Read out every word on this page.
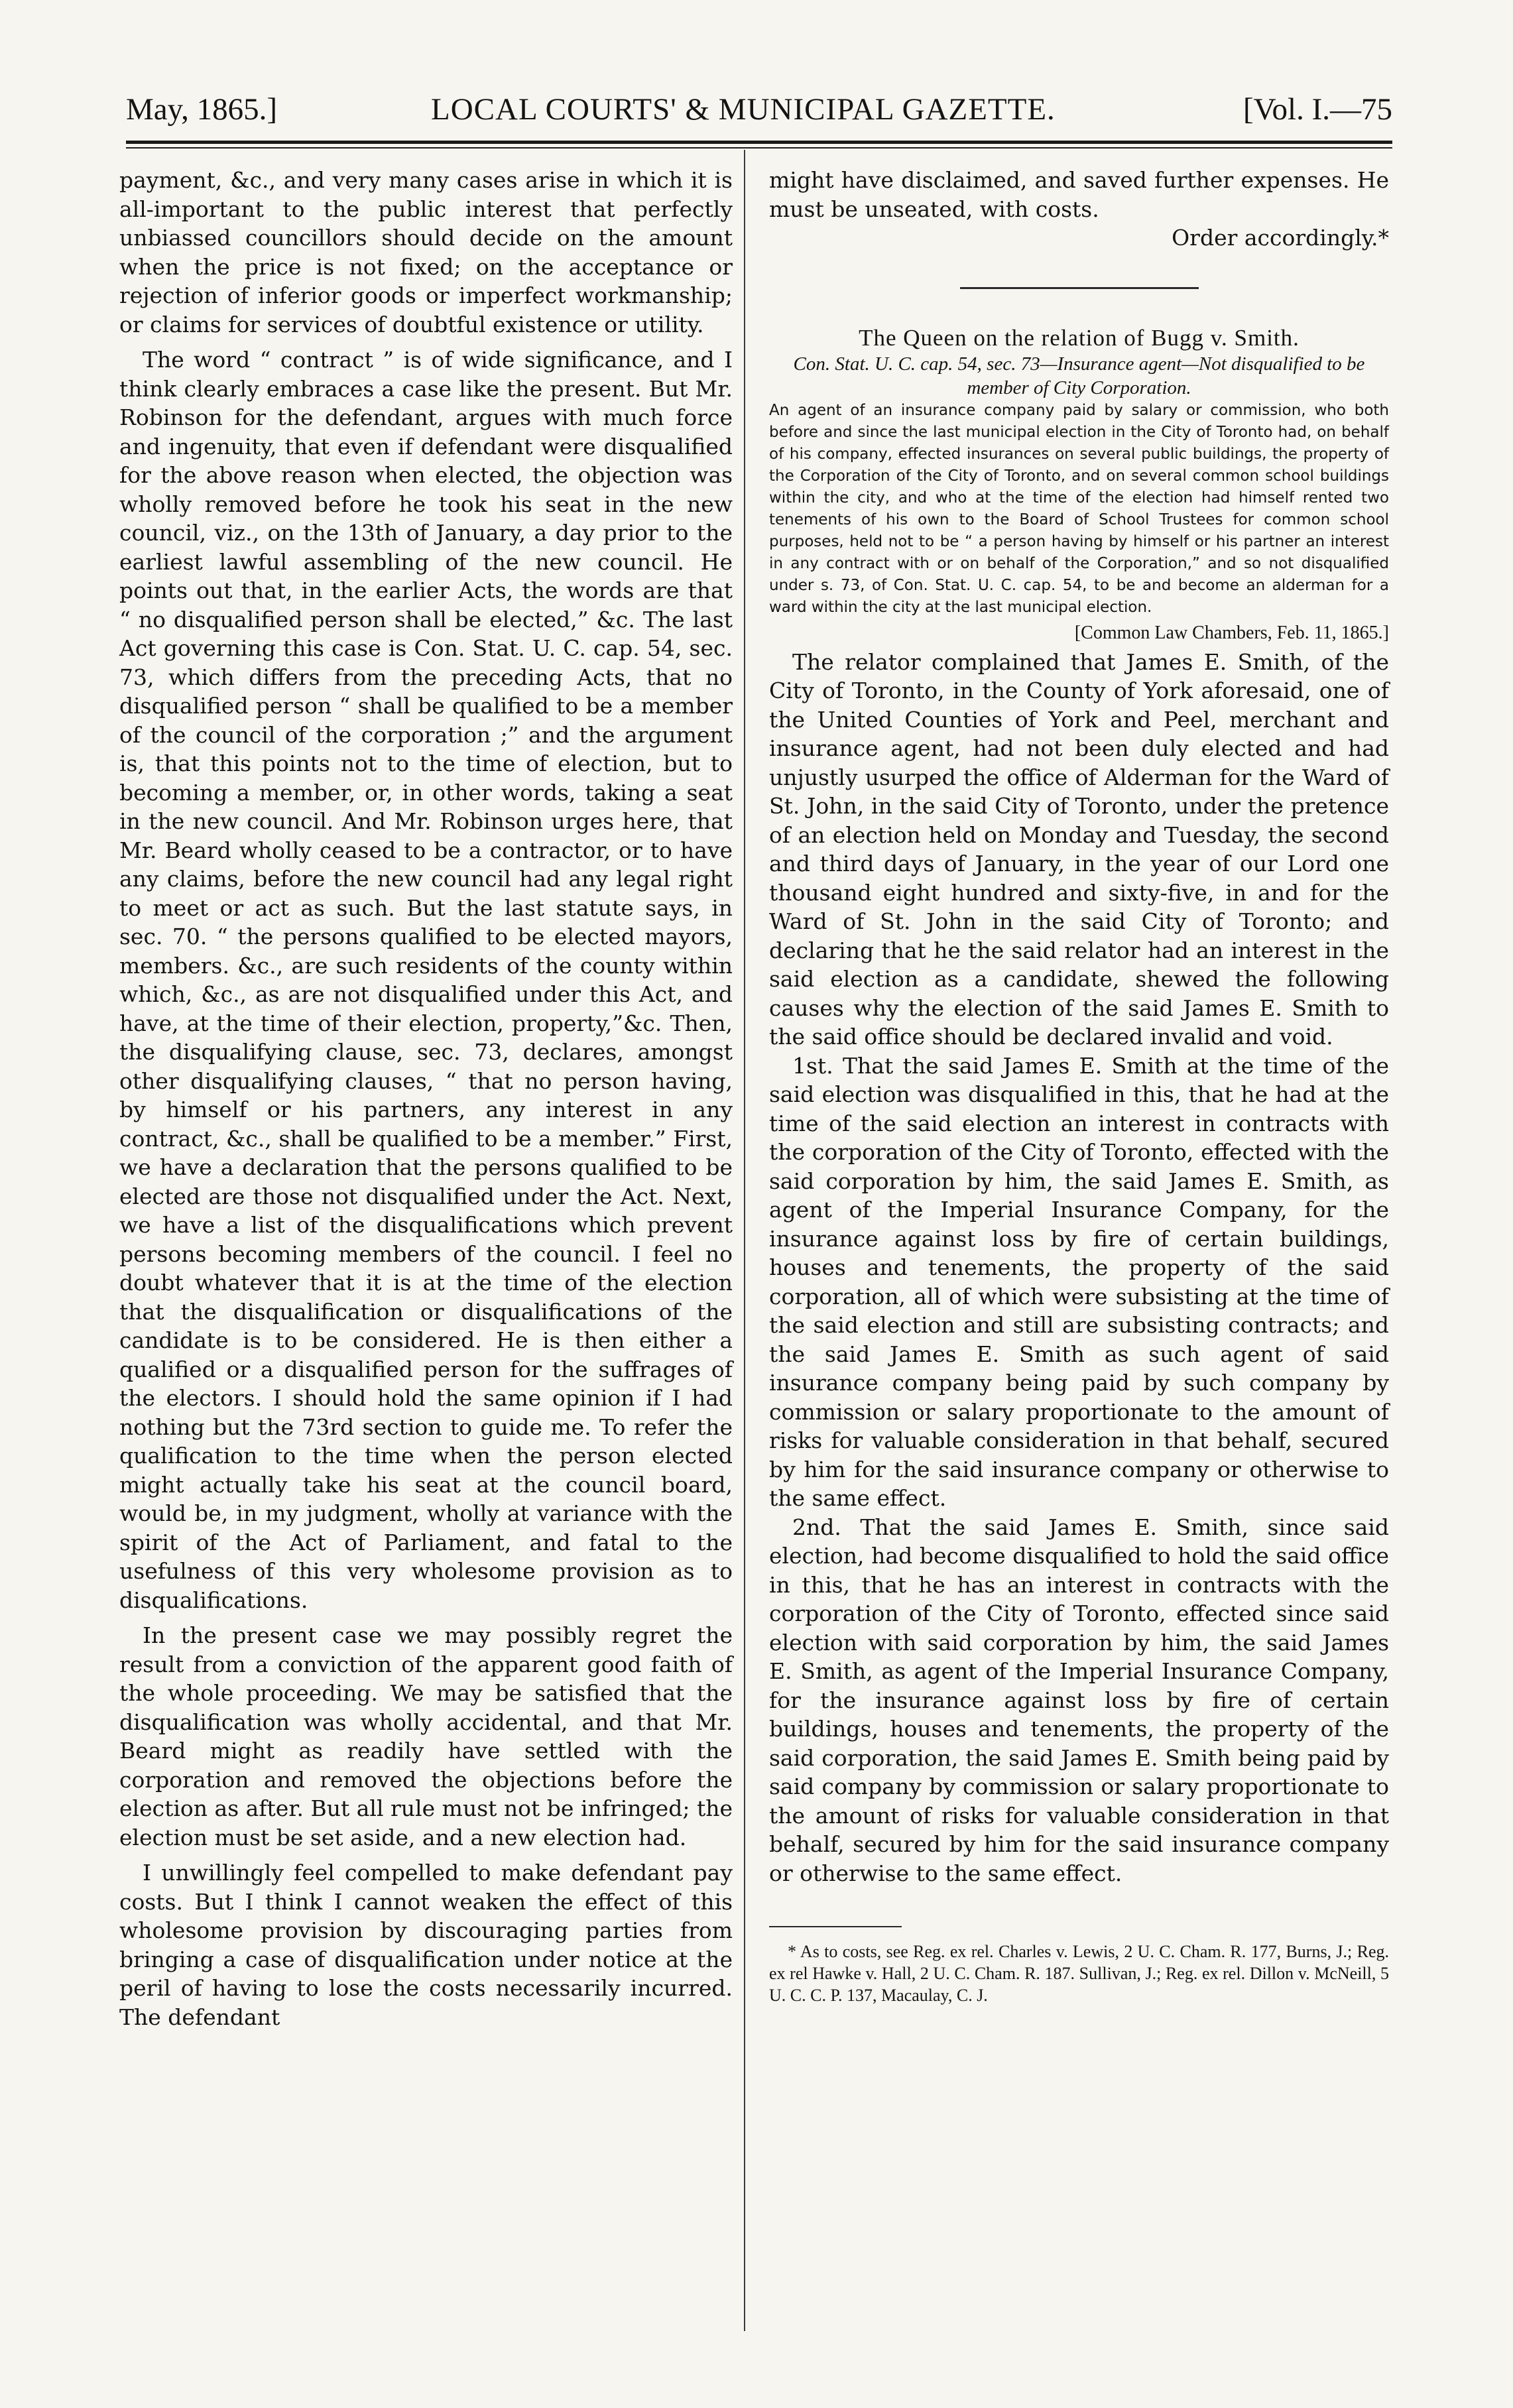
May, 1865.]	LOCAL COURTS' & MUNICIPAL GAZETTE.	[Vol. I.—75

payment, &c., and very many cases arise in which it is all-important to the public interest that perfectly unbiassed councillors should decide on the amount when the price is not fixed; on the acceptance or rejection of inferior goods or imperfect workmanship; or claims for services of doubtful existence or utility.

The word “ contract ” is of wide significance, and I think clearly embraces a case like the present. But Mr. Robinson for the defendant, argues with much force and ingenuity, that even if defendant were disqualified for the above reason when elected, the objection was wholly removed before he took his seat in the new council, viz., on the 13th of January, a day prior to the earliest lawful assembling of the new council. He points out that, in the earlier Acts, the words are that “ no disqualified person shall be elected,” &c. The last Act governing this case is Con. Stat. U. C. cap. 54, sec. 73, which differs from the preceding Acts, that no disqualified person “ shall be qualified to be a member of the council of the corporation ;” and the argument is, that this points not to the time of election, but to becoming a member, or, in other words, taking a seat in the new council. And Mr. Robinson urges here, that Mr. Beard wholly ceased to be a contractor, or to have any claims, before the new council had any legal right to meet or act as such. But the last statute says, in sec. 70. “ the persons qualified to be elected mayors, members. &c., are such residents of the county within which, &c., as are not disqualified under this Act, and have, at the time of their election, property,”&c. Then, the disqualifying clause, sec. 73, declares, amongst other disqualifying clauses, “ that no person having, by himself or his partners, any interest in any contract, &c., shall be qualified to be a member.” First, we have a declaration that the persons qualified to be elected are those not disqualified under the Act. Next, we have a list of the disqualifications which prevent persons becoming members of the council. I feel no doubt whatever that it is at the time of the election that the disqualification or disqualifications of the candidate is to be considered. He is then either a qualified or a disqualified person for the suffrages of the electors. I should hold the same opinion if I had nothing but the 73rd section to guide me. To refer the qualification to the time when the person elected might actually take his seat at the council board, would be, in my judgment, wholly at variance with the spirit of the Act of Parliament, and fatal to the usefulness of this very wholesome provision as to disqualifications.

In the present case we may possibly regret the result from a conviction of the apparent good faith of the whole proceeding. We may be satisfied that the disqualification was wholly accidental, and that Mr. Beard might as readily have settled with the corporation and removed the objections before the election as after. But all rule must not be infringed; the election must be set aside, and a new election had.

I unwillingly feel compelled to make defendant pay costs. But I think I cannot weaken the effect of this wholesome provision by discouraging parties from bringing a case of disqualification under notice at the peril of having to lose the costs necessarily incurred. The defendant

might have disclaimed, and saved further expenses. He must be unseated, with costs.

Order accordingly.*

The Queen on the relation of Bugg v. Smith.

Con. Stat. U. C. cap. 54, sec. 73—Insurance agent—Not disqualified to be member of City Corporation.

An agent of an insurance company paid by salary or commission, who both before and since the last municipal election in the City of Toronto had, on behalf of his company, effected insurances on several public buildings, the property of the Corporation of the City of Toronto, and on several common school buildings within the city, and who at the time of the election had himself rented two tenements of his own to the Board of School Trustees for common school purposes, held not to be “ a person having by himself or his partner an interest in any contract with or on behalf of the Corporation,” and so not disqualified under s. 73, of Con. Stat. U. C. cap. 54, to be and become an alderman for a ward within the city at the last municipal election.

[Common Law Chambers, Feb. 11, 1865.]

The relator complained that James E. Smith, of the City of Toronto, in the County of York aforesaid, one of the United Counties of York and Peel, merchant and insurance agent, had not been duly elected and had unjustly usurped the office of Alderman for the Ward of St. John, in the said City of Toronto, under the pretence of an election held on Monday and Tuesday, the second and third days of January, in the year of our Lord one thousand eight hundred and sixty-five, in and for the Ward of St. John in the said City of Toronto; and declaring that he the said relator had an interest in the said election as a candidate, shewed the following causes why the election of the said James E. Smith to the said office should be declared invalid and void.

1st. That the said James E. Smith at the time of the said election was disqualified in this, that he had at the time of the said election an interest in contracts with the corporation of the City of Toronto, effected with the said corporation by him, the said James E. Smith, as agent of the Imperial Insurance Company, for the insurance against loss by fire of certain buildings, houses and tenements, the property of the said corporation, all of which were subsisting at the time of the said election and still are subsisting contracts; and the said James E. Smith as such agent of said insurance company being paid by such company by commission or salary proportionate to the amount of risks for valuable consideration in that behalf, secured by him for the said insurance company or otherwise to the same effect.

2nd. That the said James E. Smith, since said election, had become disqualified to hold the said office in this, that he has an interest in contracts with the corporation of the City of Toronto, effected since said election with said corporation by him, the said James E. Smith, as agent of the Imperial Insurance Company, for the insurance against loss by fire of certain buildings, houses and tenements, the property of the said corporation, the said James E. Smith being paid by said company by commission or salary proportionate to the amount of risks for valuable consideration in that behalf, secured by him for the said insurance company or otherwise to the same effect.

* As to costs, see Reg. ex rel. Charles v. Lewis, 2 U. C. Cham. R. 177, Burns, J.; Reg. ex rel Hawke v. Hall, 2 U. C. Cham. R. 187. Sullivan, J.; Reg. ex rel. Dillon v. McNeill, 5 U. C. C. P. 137, Macaulay, C. J.
